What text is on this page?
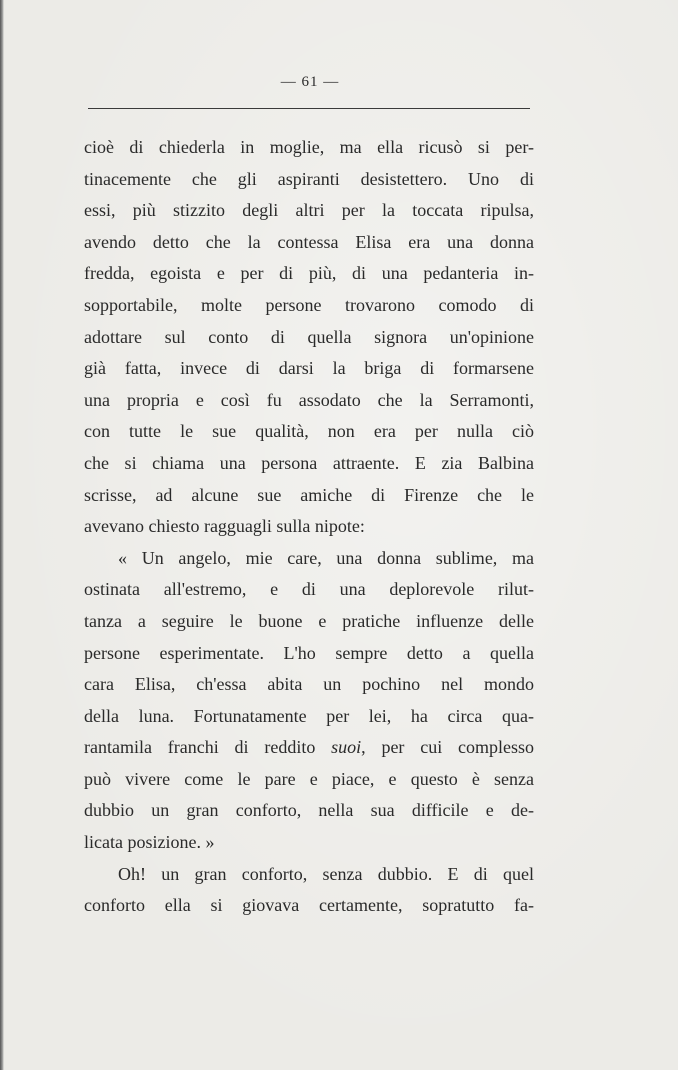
— 61 —
cioè di chiederla in moglie, ma ella ricusò si per-
tinacemente che gli aspiranti desistettero. Uno di
essi, più stizzito degli altri per la toccata ripulsa,
avendo detto che la contessa Elisa era una donna
fredda, egoista e per di più, di una pedanteria in-
sopportabile, molte persone trovarono comodo di
adottare sul conto di quella signora un'opinione
già fatta, invece di darsi la briga di formarsene
una propria e così fu assodato che la Serramonti,
con tutte le sue qualità, non era per nulla ciò
che si chiama una persona attraente. E zia Balbina
scrisse, ad alcune sue amiche di Firenze che le
avevano chiesto ragguagli sulla nipote:
« Un angelo, mie care, una donna sublime, ma
ostinata all'estremo, e di una deplorevole rilut-
tanza a seguire le buone e pratiche influenze delle
persone esperimentate. L'ho sempre detto a quella
cara Elisa, ch'essa abita un pochino nel mondo
della luna. Fortunatamente per lei, ha circa qua-
rantamila franchi di reddito suoi, per cui complesso
può vivere come le pare e piace, e questo è senza
dubbio un gran conforto, nella sua difficile e de-
licata posizione. »
Oh! un gran conforto, senza dubbio. E di quel
conforto ella si giovava certamente, sopratutto fa-
